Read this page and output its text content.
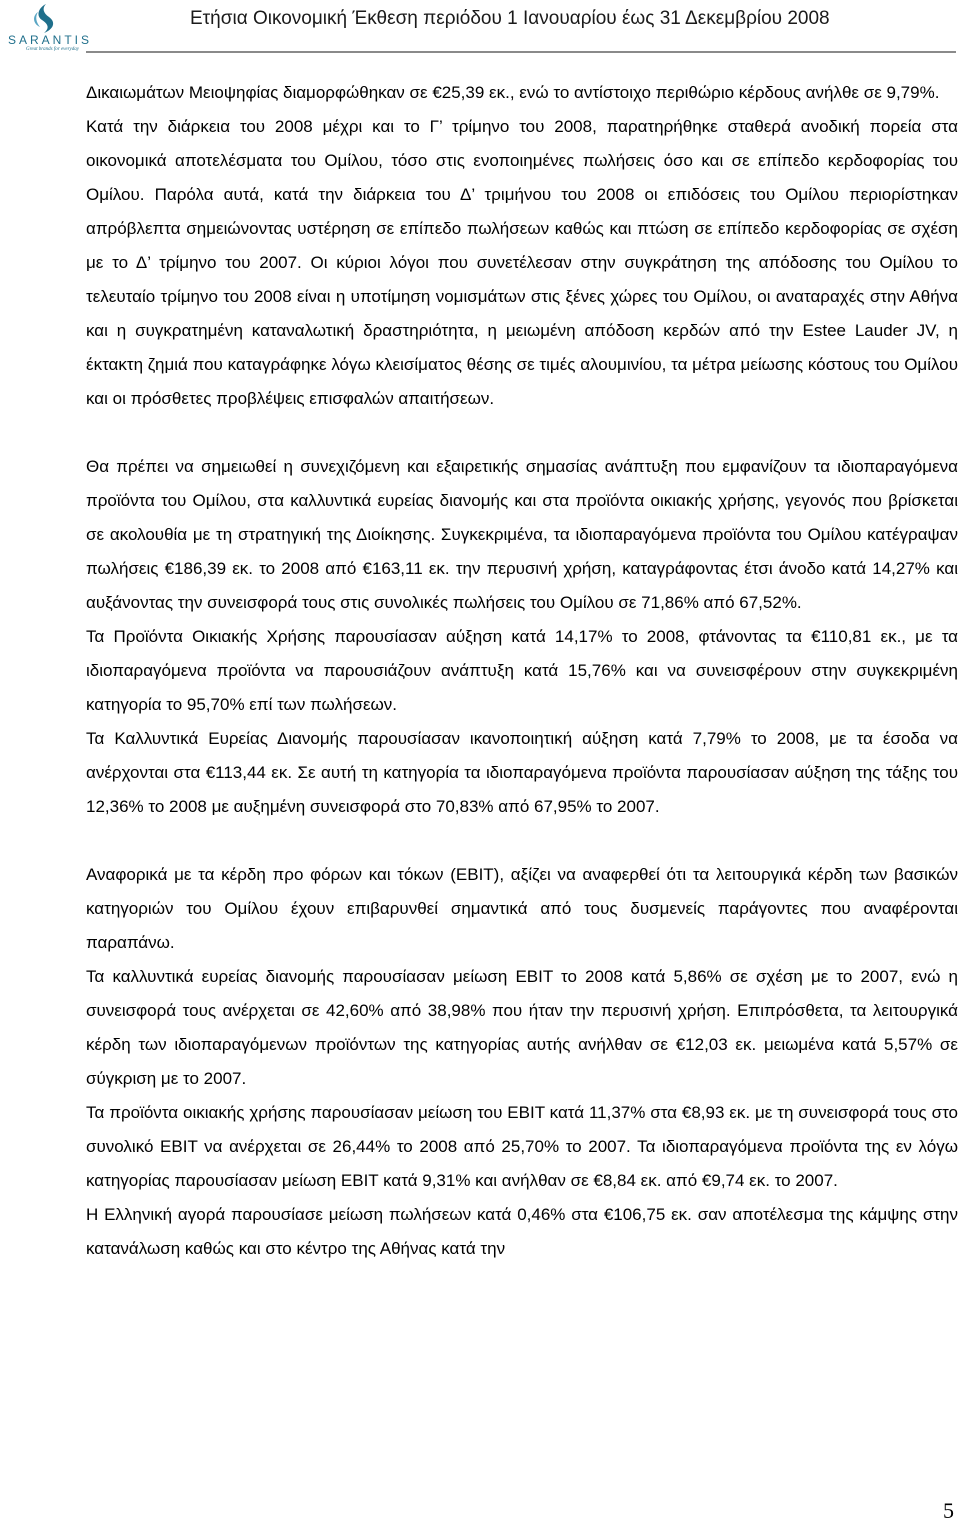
SARANTIS
Great brands for everyday
Ετήσια Οικονομική Έκθεση περιόδου 1 Ιανουαρίου έως 31 Δεκεμβρίου 2008

Δικαιωμάτων Μειοψηφίας διαμορφώθηκαν σε €25,39 εκ., ενώ το αντίστοιχο περιθώριο κέρδους ανήλθε σε 9,79%.

Κατά την διάρκεια του 2008 μέχρι και το Γ’ τρίμηνο του 2008, παρατηρήθηκε σταθερά ανοδική πορεία στα οικονομικά αποτελέσματα του Ομίλου, τόσο στις ενοποιημένες πωλήσεις όσο και σε επίπεδο κερδοφορίας του Ομίλου. Παρόλα αυτά, κατά την διάρκεια του Δ’ τριμήνου του 2008 οι επιδόσεις του Ομίλου περιορίστηκαν απρόβλεπτα σημειώνοντας υστέρηση σε επίπεδο πωλήσεων καθώς και πτώση σε επίπεδο κερδοφορίας σε σχέση με το Δ’ τρίμηνο του 2007. Οι κύριοι λόγοι που συνετέλεσαν στην συγκράτηση της απόδοσης του Ομίλου το τελευταίο τρίμηνο του 2008 είναι η υποτίμηση νομισμάτων στις ξένες χώρες του Ομίλου, οι αναταραχές στην Αθήνα και η συγκρατημένη καταναλωτική δραστηριότητα, η μειωμένη απόδοση κερδών από την Estee Lauder JV, η έκτακτη ζημιά που καταγράφηκε λόγω κλεισίματος θέσης σε τιμές αλουμινίου, τα μέτρα μείωσης κόστους του Ομίλου και οι πρόσθετες προβλέψεις επισφαλών απαιτήσεων.

Θα πρέπει να σημειωθεί η συνεχιζόμενη και εξαιρετικής σημασίας ανάπτυξη που εμφανίζουν τα ιδιοπαραγόμενα προϊόντα του Ομίλου, στα καλλυντικά ευρείας διανομής και στα προϊόντα οικιακής χρήσης, γεγονός που βρίσκεται σε ακολουθία με τη στρατηγική της Διοίκησης. Συγκεκριμένα, τα ιδιοπαραγόμενα προϊόντα του Ομίλου κατέγραψαν πωλήσεις €186,39 εκ. το 2008 από €163,11 εκ. την περυσινή χρήση, καταγράφοντας έτσι άνοδο κατά 14,27% και αυξάνοντας την συνεισφορά τους στις συνολικές πωλήσεις του Ομίλου σε 71,86% από 67,52%.

Τα Προϊόντα Οικιακής Χρήσης παρουσίασαν αύξηση κατά 14,17% το 2008, φτάνοντας τα €110,81 εκ., με τα ιδιοπαραγόμενα προϊόντα να παρουσιάζουν ανάπτυξη κατά 15,76% και να συνεισφέρουν στην συγκεκριμένη κατηγορία το 95,70% επί των πωλήσεων.

Τα Καλλυντικά Ευρείας Διανομής παρουσίασαν ικανοποιητική αύξηση κατά 7,79% το 2008, με τα έσοδα να ανέρχονται στα €113,44 εκ. Σε αυτή τη κατηγορία τα ιδιοπαραγόμενα προϊόντα παρουσίασαν αύξηση της τάξης του 12,36% το 2008 με αυξημένη συνεισφορά στο 70,83% από 67,95% το 2007.

Αναφορικά με τα κέρδη προ φόρων και τόκων (EBIT), αξίζει να αναφερθεί ότι τα λειτουργικά κέρδη των βασικών κατηγοριών του Ομίλου έχουν επιβαρυνθεί σημαντικά από τους δυσμενείς παράγοντες που αναφέρονται παραπάνω.

Τα καλλυντικά ευρείας διανομής παρουσίασαν μείωση EBIT το 2008 κατά 5,86% σε σχέση με το 2007, ενώ η συνεισφορά τους ανέρχεται σε 42,60% από 38,98% που ήταν την περυσινή χρήση. Επιπρόσθετα, τα λειτουργικά κέρδη των ιδιοπαραγόμενων προϊόντων της κατηγορίας αυτής ανήλθαν σε €12,03 εκ. μειωμένα κατά 5,57% σε σύγκριση με το 2007.

Τα προϊόντα οικιακής χρήσης παρουσίασαν μείωση του EBIT κατά 11,37% στα €8,93 εκ. με τη συνεισφορά τους στο συνολικό EBIT να ανέρχεται σε 26,44% το 2008 από 25,70% το 2007. Τα ιδιοπαραγόμενα προϊόντα της εν λόγω κατηγορίας παρουσίασαν μείωση EBIT κατά 9,31% και ανήλθαν σε €8,84 εκ. από €9,74 εκ. το 2007.

Η Ελληνική αγορά παρουσίασε μείωση πωλήσεων κατά 0,46% στα €106,75 εκ. σαν αποτέλεσμα της κάμψης στην κατανάλωση καθώς και στο κέντρο της Αθήνας κατά την

5
